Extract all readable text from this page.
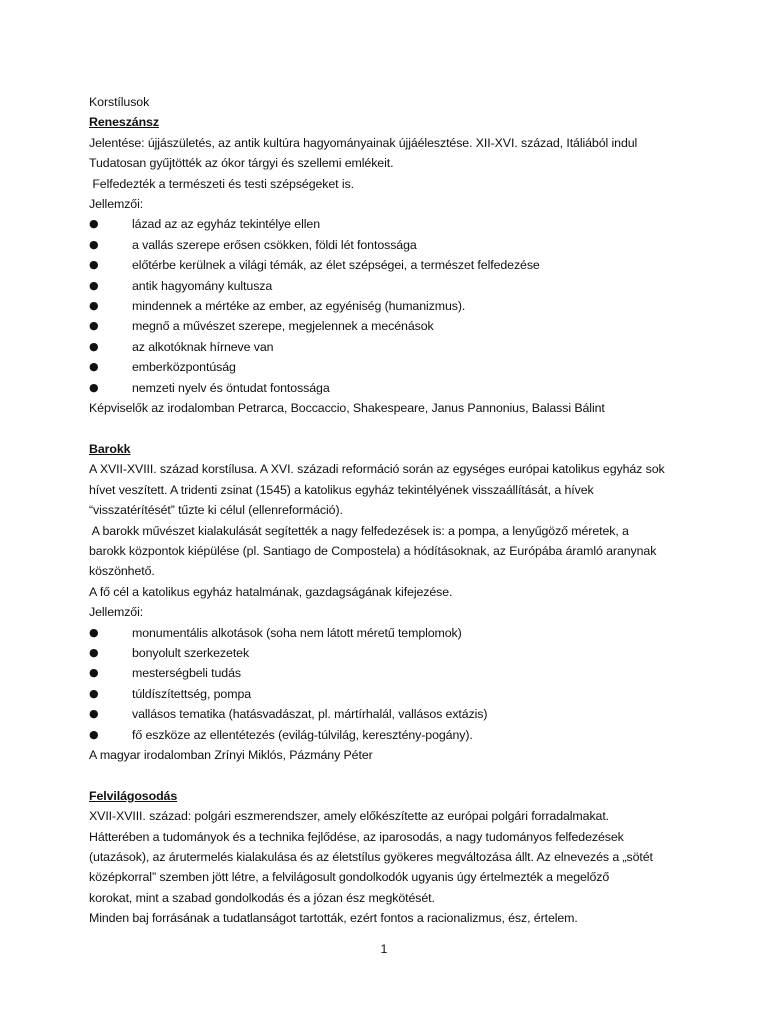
Korstílusok
Reneszánsz
Jelentése: újjászületés, az antik kultúra hagyományainak újjáélesztése. XII-XVI. század, Itáliából indul
Tudatosan gyűjtötték az ókor tárgyi és szellemi emlékeit.
Felfedezték a természeti és testi szépségeket is.
Jellemzői:
●	lázad az az egyház tekintélye ellen
●	a vallás szerepe erősen csökken, földi lét fontossága
●	előtérbe kerülnek a világi témák, az élet szépségei, a természet felfedezése
●	antik hagyomány kultusza
●	mindennek a mértéke az ember, az egyéniség (humanizmus).
●	megnő a művészet szerepe, megjelennek a mecénások
●	az alkotóknak hírneve van
●	emberközpontúság
●	nemzeti nyelv és öntudat fontossága
Képviselők az irodalomban Petrarca, Boccaccio, Shakespeare, Janus Pannonius, Balassi Bálint
Barokk
A XVII-XVIII. század korstílusa. A XVI. századi reformáció során az egységes európai katolikus egyház sok
hívet veszített. A tridenti zsinat (1545) a katolikus egyház tekintélyének visszaállítását, a hívek
“visszatérítését” tűzte ki célul (ellenreformáció).
A barokk művészet kialakulását segítették a nagy felfedezések is: a pompa, a lenyűgöző méretek, a
barokk központok kiépülése (pl. Santiago de Compostela) a hódításoknak, az Európába áramló aranynak
köszönhető.
A fő cél a katolikus egyház hatalmának, gazdagságának kifejezése.
Jellemzői:
●	monumentális alkotások (soha nem látott méretű templomok)
●	bonyolult szerkezetek
●	mesterségbeli tudás
●	túldíszítettség, pompa
●	vallásos tematika (hatásvadászat, pl. mártírhalál, vallásos extázis)
●	fő eszköze az ellentétezés (evilág-túlvilág, keresztény-pogány).
A magyar irodalomban Zrínyi Miklós, Pázmány Péter
Felvilágosodás
XVII-XVIII. század: polgári eszmerendszer, amely előkészítette az európai polgári forradalmakat.
Hátterében a tudományok és a technika fejlődése, az iparosodás, a nagy tudományos felfedezések
(utazások), az árutermelés kialakulása és az életstílus gyökeres megváltozása állt. Az elnevezés a „sötét
középkorral” szemben jött létre, a felvilágosult gondolkodók ugyanis úgy értelmezték a megelőző
korokat, mint a szabad gondolkodás és a józan ész megkötését.
Minden baj forrásának a tudatlanságot tartották, ezért fontos a racionalizmus, ész, értelem.
1
